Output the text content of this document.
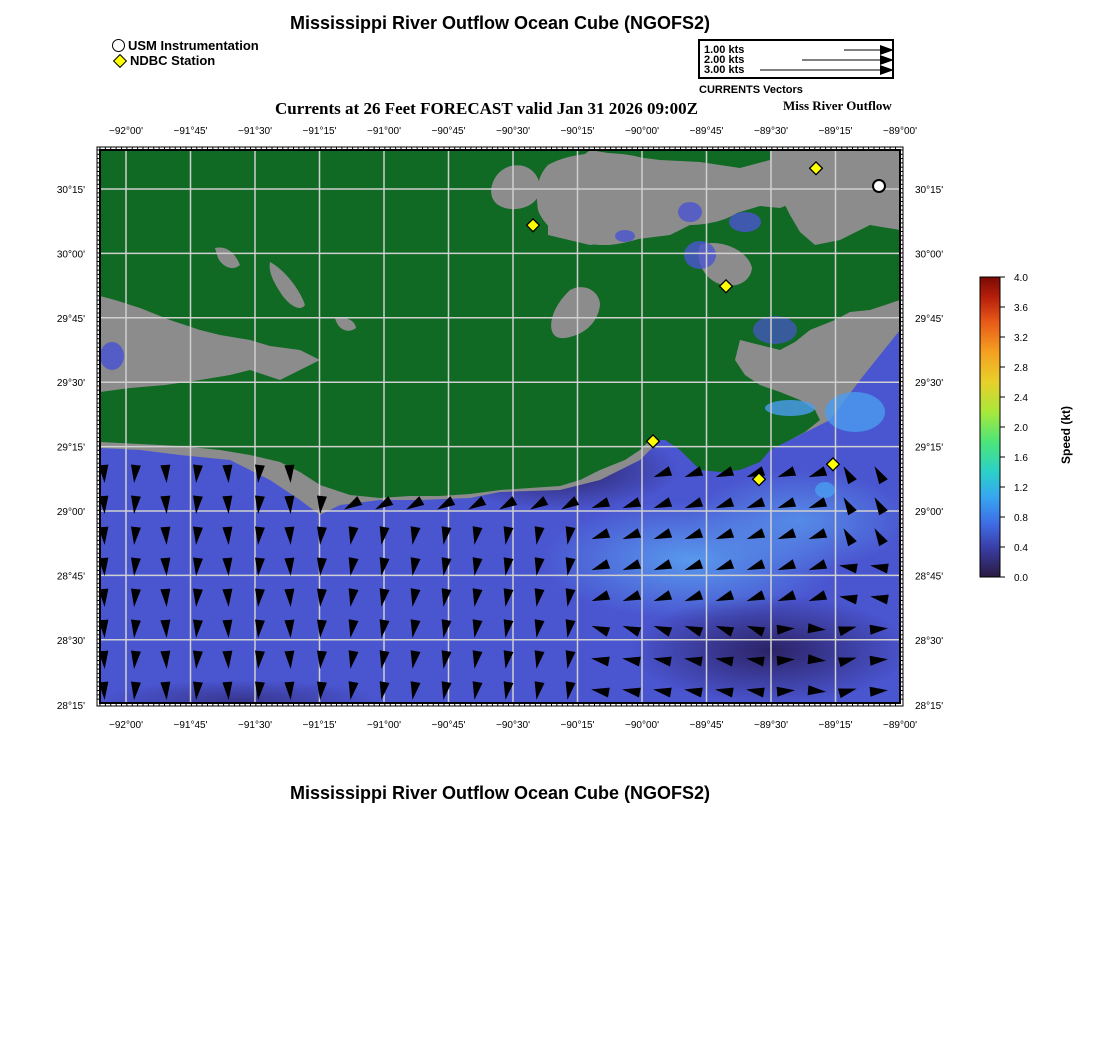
Mississippi River Outflow Ocean Cube (NGOFS2)
USM Instrumentation
NDBC Station
1.00 kts
2.00 kts
3.00 kts
CURRENTS Vectors
Currents at 26 Feet FORECAST valid Jan 31 2026 09:00Z	Miss River Outflow
−92°00'	−91°45'	−91°30'	−91°15'	−91°00'	−90°45'	−90°30'	−90°15'	−90°00'	−89°45'	−89°30'	−89°15'	−89°00'
−92°00'	−91°45'	−91°30'	−91°15'	−91°00'	−90°45'	−90°30'	−90°15'	−90°00'	−89°45'	−89°30'	−89°15'	−89°00'
30°15'
30°00'
29°45'
29°30'
29°15'
29°00'
28°45'
28°30'
28°15'
30°15'
30°00'
29°45'
29°30'
29°15'
29°00'
28°45'
28°30'
28°15'
4.0
3.6
3.2
2.8
2.4
2.0
1.6
1.2
0.8
0.4
0.0
Speed (kt)
Mississippi River Outflow Ocean Cube (NGOFS2)
